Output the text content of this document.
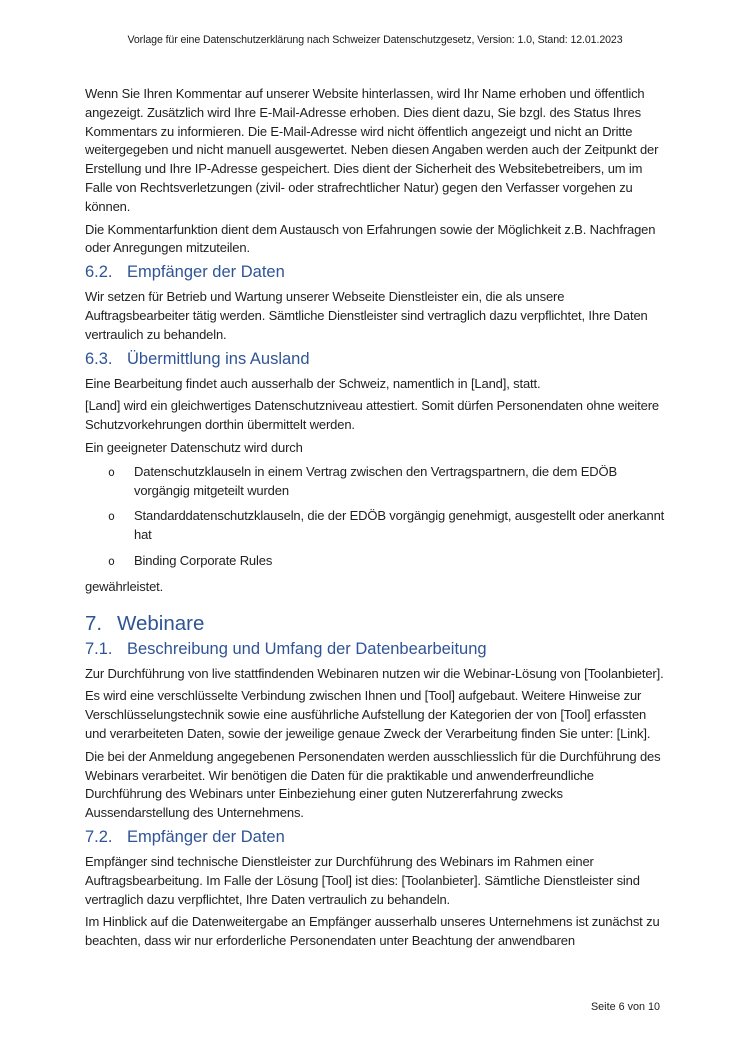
Vorlage für eine Datenschutzerklärung nach Schweizer Datenschutzgesetz, Version: 1.0, Stand: 12.01.2023

Wenn Sie Ihren Kommentar auf unserer Website hinterlassen, wird Ihr Name erhoben und öffentlich angezeigt. Zusätzlich wird Ihre E-Mail-Adresse erhoben. Dies dient dazu, Sie bzgl. des Status Ihres Kommentars zu informieren. Die E-Mail-Adresse wird nicht öffentlich angezeigt und nicht an Dritte weitergegeben und nicht manuell ausgewertet. Neben diesen Angaben werden auch der Zeitpunkt der Erstellung und Ihre IP-Adresse gespeichert. Dies dient der Sicherheit des Websitebetreibers, um im Falle von Rechtsverletzungen (zivil- oder strafrechtlicher Natur) gegen den Verfasser vorgehen zu können.

Die Kommentarfunktion dient dem Austausch von Erfahrungen sowie der Möglichkeit z.B. Nachfragen oder Anregungen mitzuteilen.

6.2. Empfänger der Daten

Wir setzen für Betrieb und Wartung unserer Webseite Dienstleister ein, die als unsere Auftragsbearbeiter tätig werden. Sämtliche Dienstleister sind vertraglich dazu verpflichtet, Ihre Daten vertraulich zu behandeln.

6.3. Übermittlung ins Ausland

Eine Bearbeitung findet auch ausserhalb der Schweiz, namentlich in [Land], statt.

[Land] wird ein gleichwertiges Datenschutzniveau attestiert. Somit dürfen Personendaten ohne weitere Schutzvorkehrungen dorthin übermittelt werden.

Ein geeigneter Datenschutz wird durch

o Datenschutzklauseln in einem Vertrag zwischen den Vertragspartnern, die dem EDÖB vorgängig mitgeteilt wurden
o Standarddatenschutzklauseln, die der EDÖB vorgängig genehmigt, ausgestellt oder anerkannt hat
o Binding Corporate Rules

gewährleistet.

7. Webinare
7.1. Beschreibung und Umfang der Datenbearbeitung

Zur Durchführung von live stattfindenden Webinaren nutzen wir die Webinar-Lösung von [Toolanbieter].

Es wird eine verschlüsselte Verbindung zwischen Ihnen und [Tool] aufgebaut. Weitere Hinweise zur Verschlüsselungstechnik sowie eine ausführliche Aufstellung der Kategorien der von [Tool] erfassten und verarbeiteten Daten, sowie der jeweilige genaue Zweck der Verarbeitung finden Sie unter: [Link].

Die bei der Anmeldung angegebenen Personendaten werden ausschliesslich für die Durchführung des Webinars verarbeitet. Wir benötigen die Daten für die praktikable und anwenderfreundliche Durchführung des Webinars unter Einbeziehung einer guten Nutzererfahrung zwecks Aussendarstellung des Unternehmens.

7.2. Empfänger der Daten

Empfänger sind technische Dienstleister zur Durchführung des Webinars im Rahmen einer Auftragsbearbeitung. Im Falle der Lösung [Tool] ist dies: [Toolanbieter]. Sämtliche Dienstleister sind vertraglich dazu verpflichtet, Ihre Daten vertraulich zu behandeln.

Im Hinblick auf die Datenweitergabe an Empfänger ausserhalb unseres Unternehmens ist zunächst zu beachten, dass wir nur erforderliche Personendaten unter Beachtung der anwendbaren

Seite 6 von 10
